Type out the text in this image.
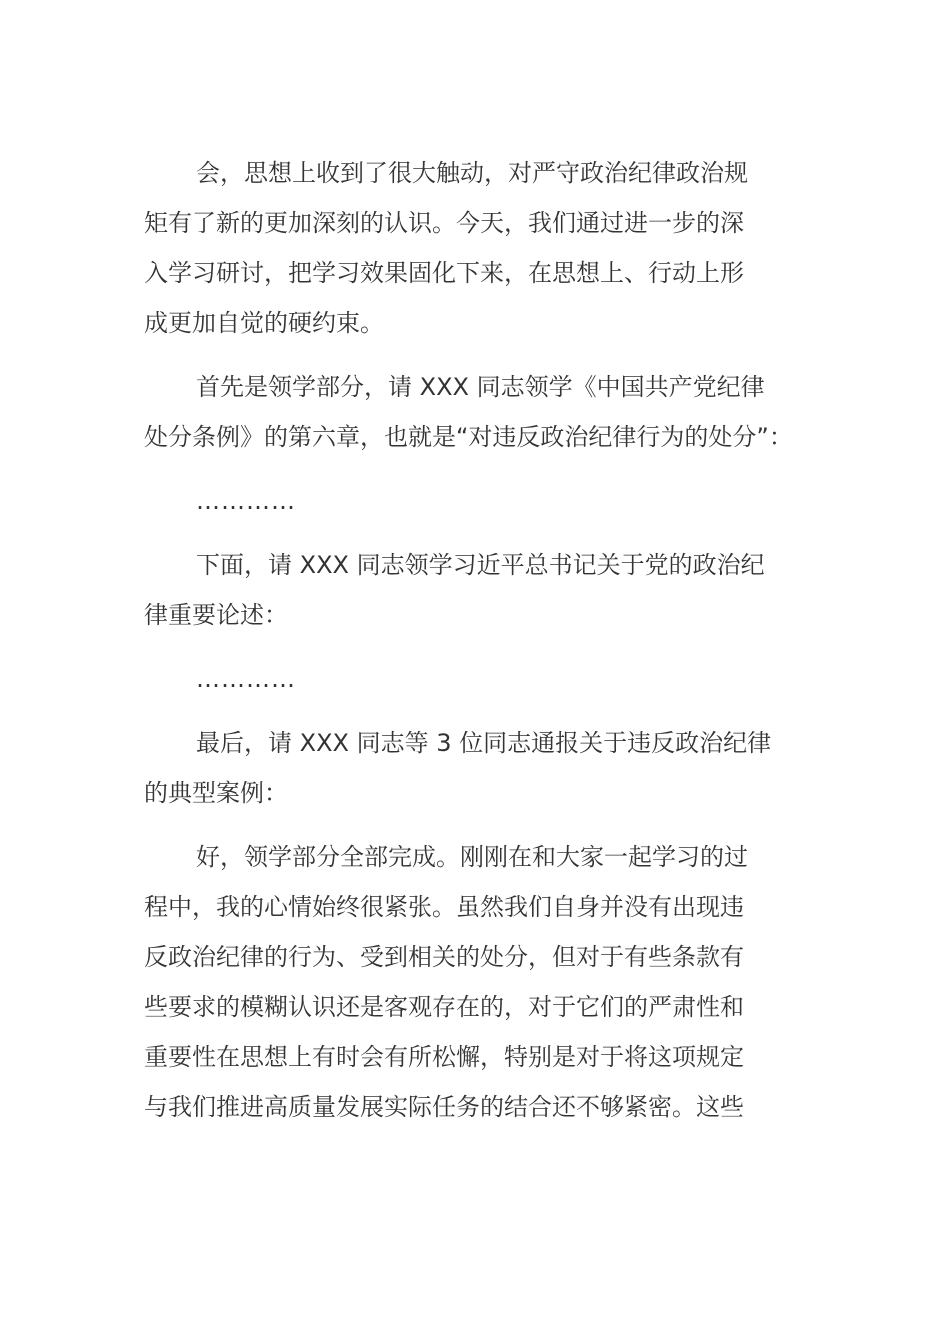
会，思想上收到了很大触动，对严守政治纪律政治规
矩有了新的更加深刻的认识。今天，我们通过进一步的深
入学习研讨，把学习效果固化下来，在思想上、行动上形
成更加自觉的硬约束。

首先是领学部分，请 XXX 同志领学《中国共产党纪律
处分条例》的第六章，也就是“对违反政治纪律行为的处分”：

…………

下面，请 XXX 同志领学习近平总书记关于党的政治纪
律重要论述：

…………

最后，请 XXX 同志等 3 位同志通报关于违反政治纪律
的典型案例：

好，领学部分全部完成。刚刚在和大家一起学习的过
程中，我的心情始终很紧张。虽然我们自身并没有出现违
反政治纪律的行为、受到相关的处分，但对于有些条款有
些要求的模糊认识还是客观存在的，对于它们的严肃性和
重要性在思想上有时会有所松懈，特别是对于将这项规定
与我们推进高质量发展实际任务的结合还不够紧密。这些
